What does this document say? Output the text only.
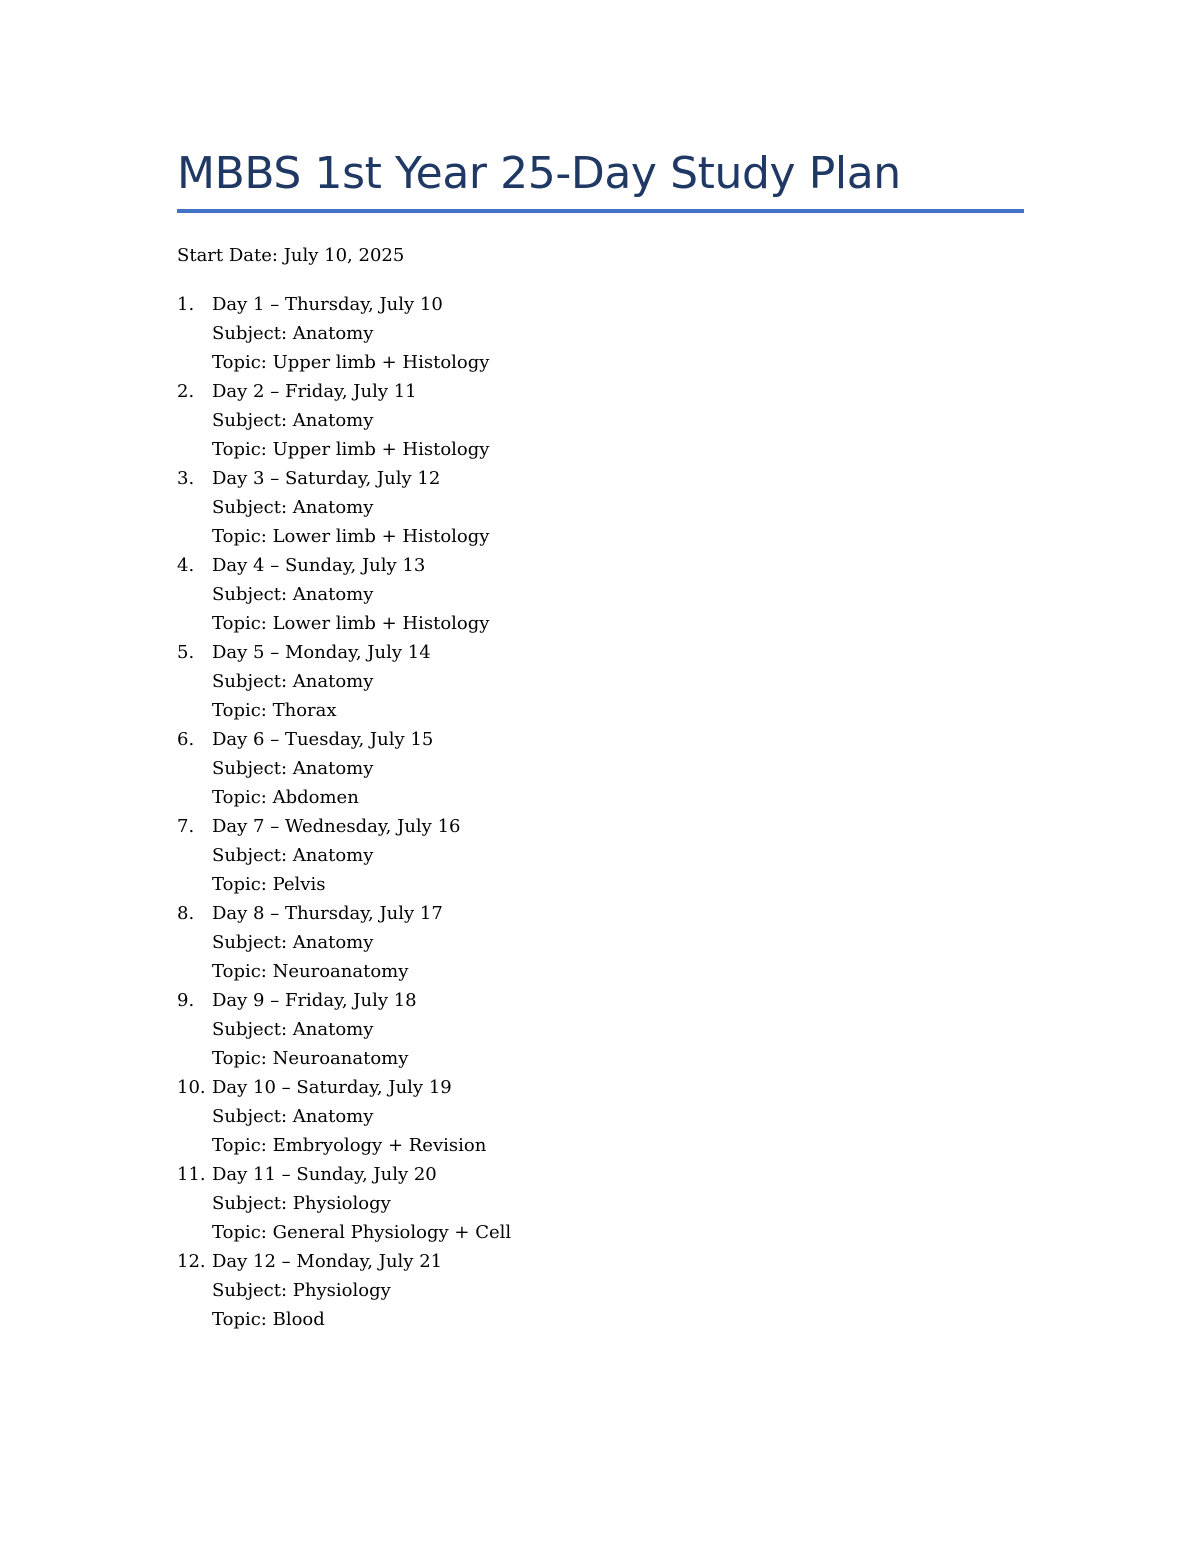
MBBS 1st Year 25-Day Study Plan
Start Date: July 10, 2025
1. Day 1 – Thursday, July 10
Subject: Anatomy
Topic: Upper limb + Histology
2. Day 2 – Friday, July 11
Subject: Anatomy
Topic: Upper limb + Histology
3. Day 3 – Saturday, July 12
Subject: Anatomy
Topic: Lower limb + Histology
4. Day 4 – Sunday, July 13
Subject: Anatomy
Topic: Lower limb + Histology
5. Day 5 – Monday, July 14
Subject: Anatomy
Topic: Thorax
6. Day 6 – Tuesday, July 15
Subject: Anatomy
Topic: Abdomen
7. Day 7 – Wednesday, July 16
Subject: Anatomy
Topic: Pelvis
8. Day 8 – Thursday, July 17
Subject: Anatomy
Topic: Neuroanatomy
9. Day 9 – Friday, July 18
Subject: Anatomy
Topic: Neuroanatomy
10. Day 10 – Saturday, July 19
Subject: Anatomy
Topic: Embryology + Revision
11. Day 11 – Sunday, July 20
Subject: Physiology
Topic: General Physiology + Cell
12. Day 12 – Monday, July 21
Subject: Physiology
Topic: Blood
